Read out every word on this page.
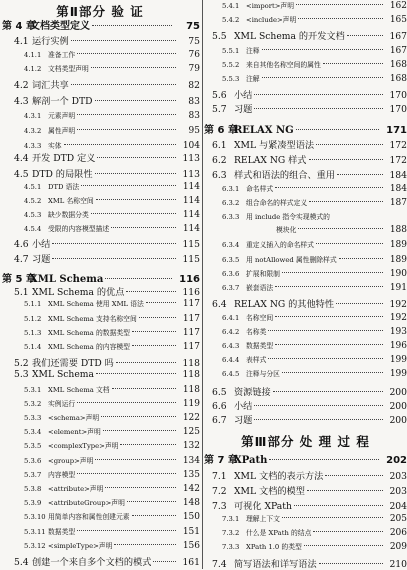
第Ⅱ部分 验 证
第 4 章
文档类型定义	75
4.1 运行实例	75
4.1.1 准备工作	76
4.1.2 文档类型声明	79
4.2 词汇共享	82
4.3 解剖一个 DTD	83
4.3.1 元素声明	83
4.3.2 属性声明	95
4.3.3 实体	104
4.4 开发 DTD 定义	113
4.5 DTD 的局限性	113
4.5.1 DTD 语法	114
4.5.2 XML 名称空间	114
4.5.3 缺少数据分类	114
4.5.4 受限的内容模型描述	114
4.6 小结	115
4.7 习题	115
第 5 章
XML Schema	116
5.1 XML Schema 的优点	116
5.1.1 XML Schema 使用 XML 语法	117
5.1.2 XML Schema 支持名称空间	117
5.1.3 XML Schema 的数据类型	117
5.1.4 XML Schema 的内容模型	117
5.2 我们还需要 DTD 吗	118
5.3 XML Schema	118
5.3.1 XML Schema 文档	118
5.3.2 实例运行	119
5.3.3 <schema>声明	122
5.3.4 <element>声明	125
5.3.5 <complexType>声明	132
5.3.6 <group>声明	134
5.3.7 内容模型	135
5.3.8 <attribute>声明	142
5.3.9 <attributeGroup>声明	148
5.3.10 用简单内容和属性创建元素	150
5.3.11 数据类型	151
5.3.12 <simpleType>声明	156
5.4 创建一个来自多个文档的模式	161
5.4.1 <import>声明	162
5.4.2 <include>声明	165
5.5 XML Schema 的开发文档	167
5.5.1 注释	167
5.5.2 来自其他名称空间的属性	168
5.5.3 注解	168
5.6 小结	170
5.7 习题	170
第 6 章
RELAX NG	171
6.1 XML 与紧凑型语法	172
6.2 RELAX NG 样式	172
6.3 样式和语法的组合、重用	184
6.3.1 命名样式	184
6.3.2 组合命名的样式定义	187
6.3.3 用 include 指令实现模式的
模块化	188
6.3.4 重定义插入的命名样式	189
6.3.5 用 notAllowed 属性删除样式	189
6.3.6 扩展和限制	190
6.3.7 嵌套语法	191
6.4 RELAX NG 的其他特性	192
6.4.1 名称空间	192
6.4.2 名称类	193
6.4.3 数据类型	196
6.4.4 表样式	199
6.4.5 注释与分区	199
6.5 资源链接	200
6.6 小结	200
6.7 习题	200
第Ⅲ部分 处 理 过 程
第 7 章
XPath	202
7.1 XML 文档的表示方法	203
7.2 XML 文档的模型	203
7.3 可视化 XPath	204
7.3.1 理解上下文	205
7.3.2 什么是 XPath 的结点	206
7.3.3 XPath 1.0 的类型	209
7.4 简写语法和详写语法	210
